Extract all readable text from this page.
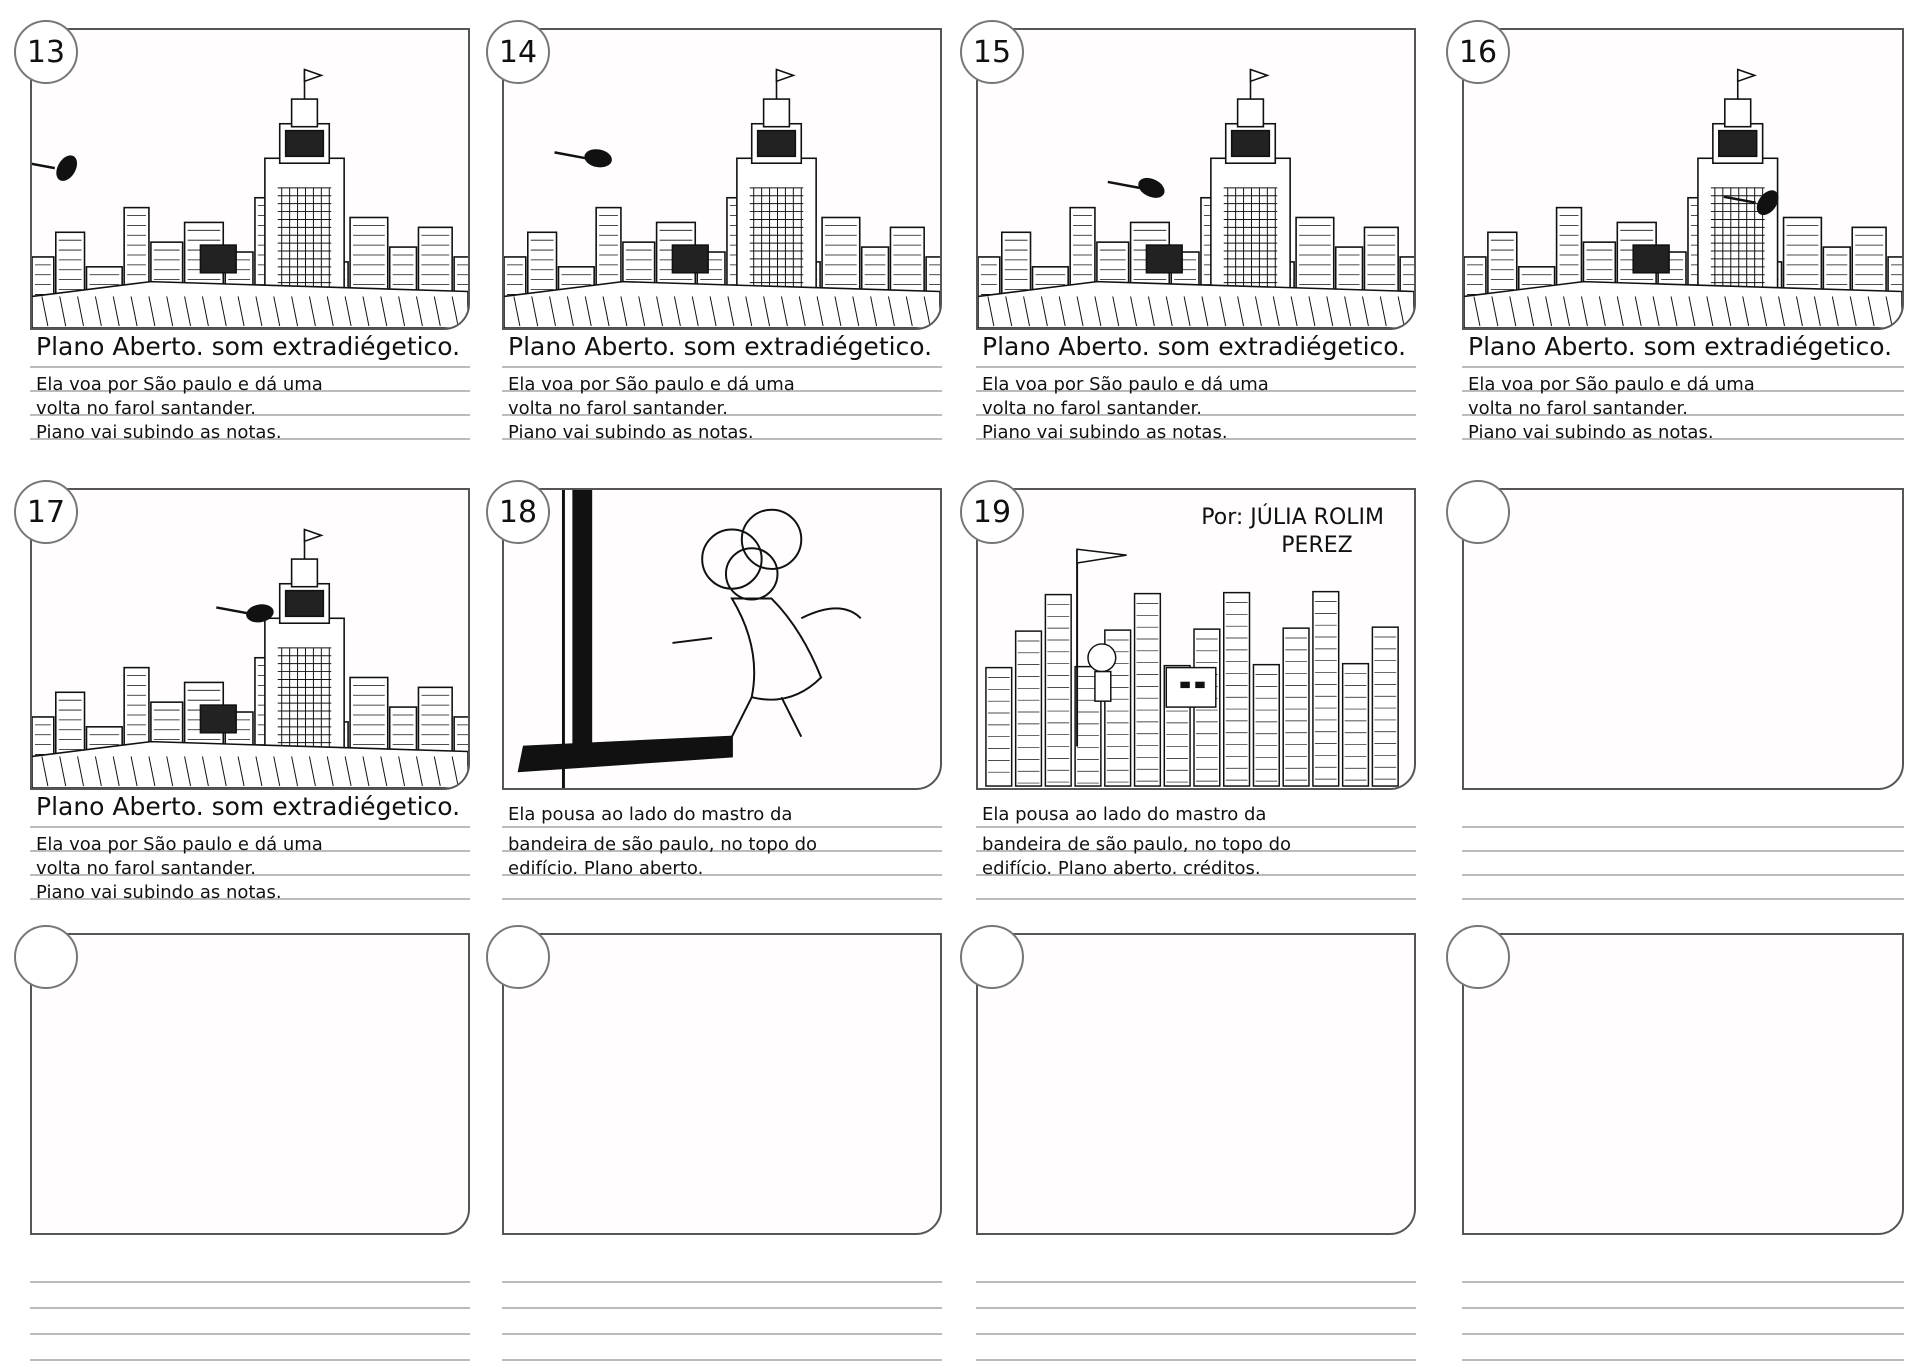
13
Plano Aberto. som extradiégetico.
Ela voa por São paulo e dá uma
volta no farol santander.
Piano vai subindo as notas.
14
Plano Aberto. som extradiégetico.
Ela voa por São paulo e dá uma
volta no farol santander.
Piano vai subindo as notas.
15
Plano Aberto. som extradiégetico.
Ela voa por São paulo e dá uma
volta no farol santander.
Piano vai subindo as notas.
16
Plano Aberto. som extradiégetico.
Ela voa por São paulo e dá uma
volta no farol santander.
Piano vai subindo as notas.
17
Plano Aberto. som extradiégetico.
Ela voa por São paulo e dá uma
volta no farol santander.
Piano vai subindo as notas.
18
Ela pousa ao lado do mastro da
bandeira de são paulo, no topo do
edifício. Plano aberto.
Por: JÚLIA ROLIM
PEREZ
19
Ela pousa ao lado do mastro da
bandeira de são paulo, no topo do
edifício. Plano aberto. créditos.
